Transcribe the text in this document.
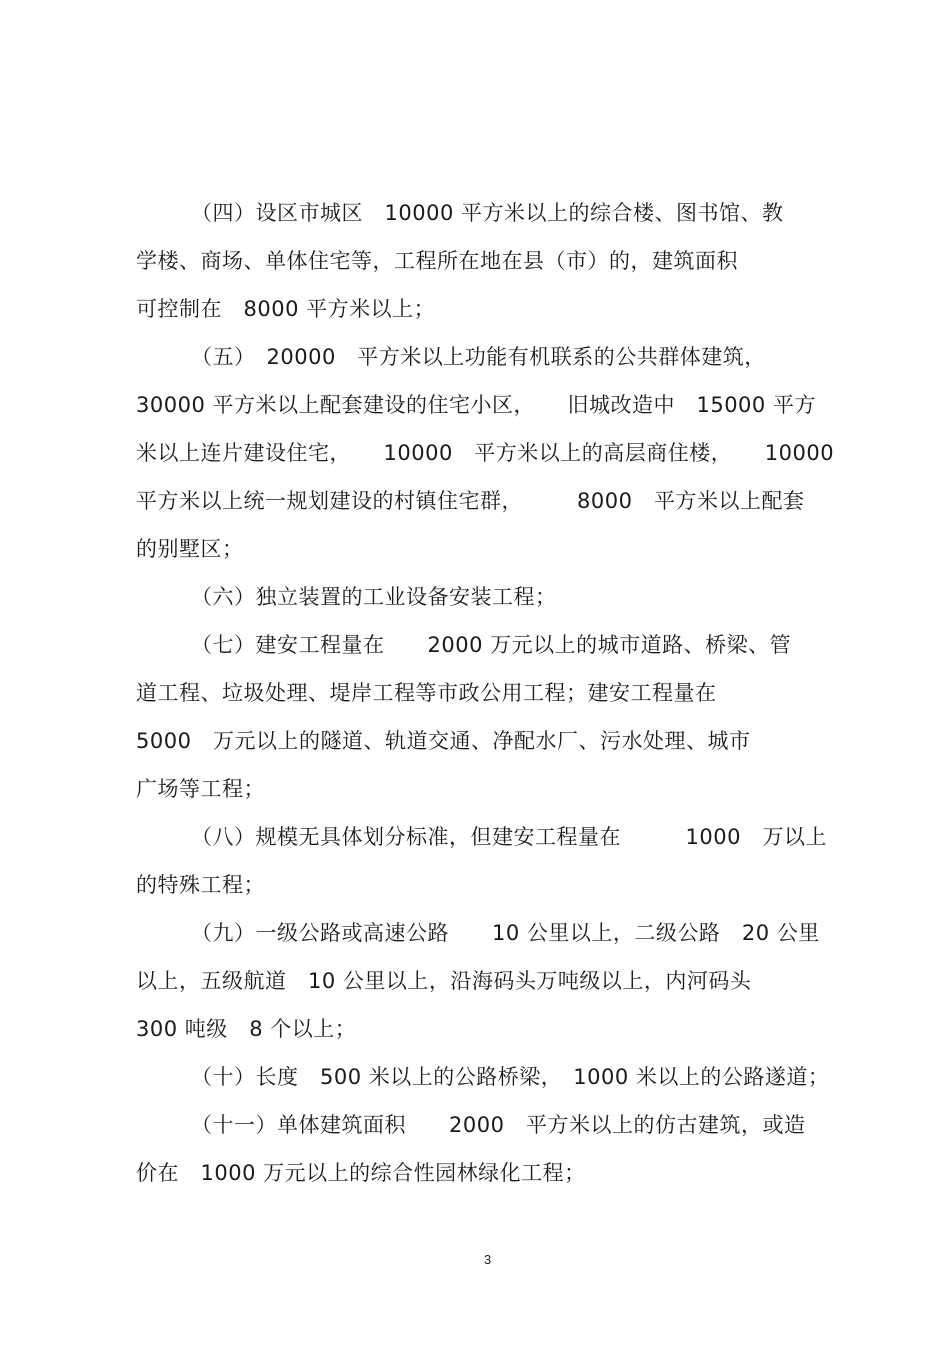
（四）设区市城区　10000 平方米以上的综合楼、图书馆、教
学楼、商场、单体住宅等，工程所在地在县（市）的，建筑面积
可控制在　8000 平方米以上；
（五）　20000　平方米以上功能有机联系的公共群体建筑，
30000 平方米以上配套建设的住宅小区，　　旧城改造中　15000 平方
米以上连片建设住宅，　　10000　平方米以上的高层商住楼，　　10000
平方米以上统一规划建设的村镇住宅群，　　　8000　平方米以上配套
的别墅区；
（六）独立装置的工业设备安装工程；
（七）建安工程量在　　2000 万元以上的城市道路、桥梁、管
道工程、垃圾处理、堤岸工程等市政公用工程；建安工程量在
5000　万元以上的隧道、轨道交通、净配水厂、污水处理、城市
广场等工程；
（八）规模无具体划分标准，但建安工程量在　　　1000　万以上
的特殊工程；
（九）一级公路或高速公路　　10 公里以上，二级公路　20 公里
以上，五级航道　10 公里以上，沿海码头万吨级以上，内河码头
300 吨级　8 个以上；
（十）长度　500 米以上的公路桥梁，　1000 米以上的公路遂道；
（十一）单体建筑面积　　2000　平方米以上的仿古建筑，或造
价在　1000 万元以上的综合性园林绿化工程；
3
